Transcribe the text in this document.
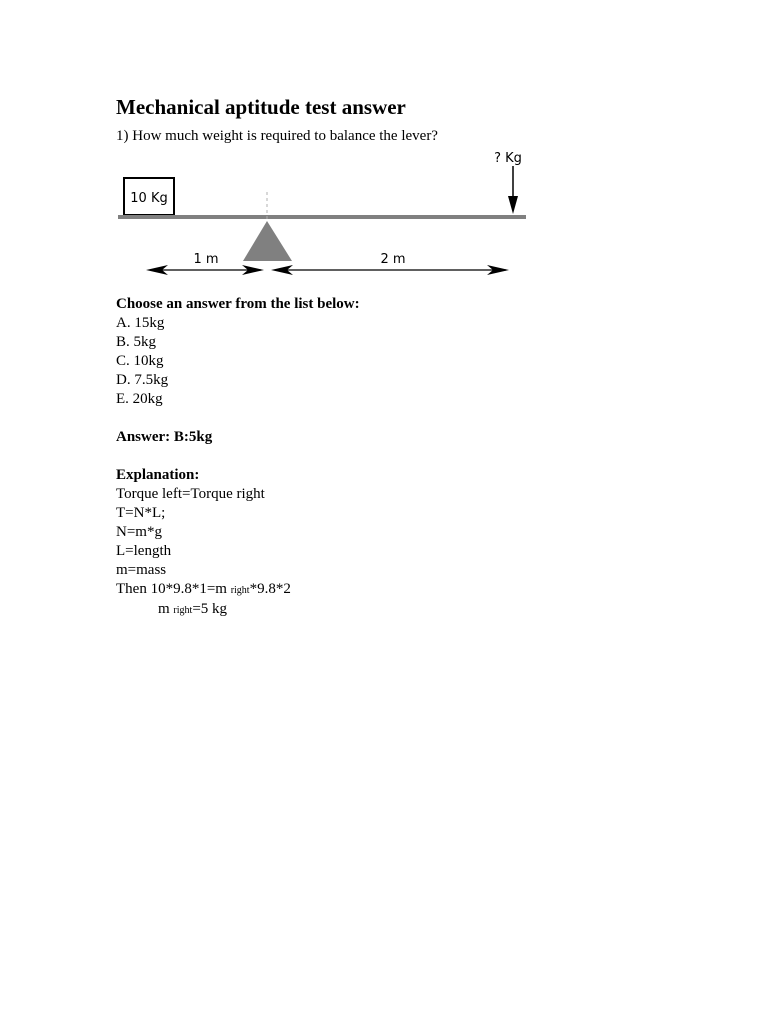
Mechanical aptitude test answer
1) How much weight is required to balance the lever?
10 Kg
? Kg
1 m	2 m
Choose an answer from the list below:
A. 15kg
B. 5kg
C. 10kg
D. 7.5kg
E. 20kg
Answer: B:5kg
Explanation:
Torque left=Torque right
T=N*L;
N=m*g
L=length
m=mass
Then 10*9.8*1=m right*9.8*2
m right=5 kg
